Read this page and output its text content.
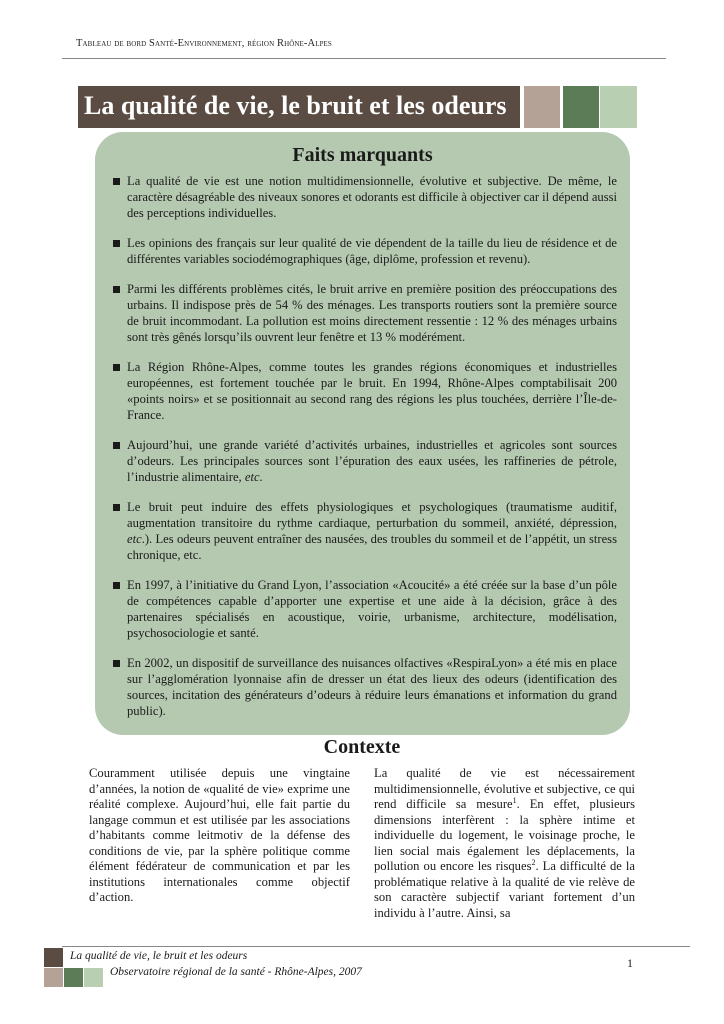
Tableau de bord Santé-Environnement, région Rhône-Alpes
La qualité de vie, le bruit et les odeurs
Faits marquants
La qualité de vie est une notion multidimensionnelle, évolutive et subjective. De même, le caractère désagréable des niveaux sonores et odorants est difficile à objectiver car il dépend aussi des perceptions individuelles.
Les opinions des français sur leur qualité de vie dépendent de la taille du lieu de résidence et de différentes variables sociodémographiques (âge, diplôme, profession et revenu).
Parmi les différents problèmes cités, le bruit arrive en première position des préoccupations des urbains. Il indispose près de 54 % des ménages. Les transports routiers sont la première source de bruit incommodant. La pollution est moins directement ressentie : 12 % des ménages urbains sont très gênés lorsqu’ils ouvrent leur fenêtre et 13 % modérément.
La Région Rhône-Alpes, comme toutes les grandes régions économiques et industrielles européennes, est fortement touchée par le bruit. En 1994, Rhône-Alpes comptabilisait 200 «points noirs» et se positionnait au second rang des régions les plus touchées, derrière l’Île-de-France.
Aujourd’hui, une grande variété d’activités urbaines, industrielles et agricoles sont sources d’odeurs. Les principales sources sont l’épuration des eaux usées, les raffineries de pétrole, l’industrie alimentaire, etc.
Le bruit peut induire des effets physiologiques et psychologiques (traumatisme auditif, augmentation transitoire du rythme cardiaque, perturbation du sommeil, anxiété, dépression, etc.). Les odeurs peuvent entraîner des nausées, des troubles du sommeil et de l’appétit, un stress chronique, etc.
En 1997, à l’initiative du Grand Lyon, l’association «Acoucité» a été créée sur la base d’un pôle de compétences capable d’apporter une expertise et une aide à la décision, grâce à des partenaires spécialisés en acoustique, voirie, urbanisme, architecture, modélisation, psychosociologie et santé.
En 2002, un dispositif de surveillance des nuisances olfactives «RespiraLyon» a été mis en place sur l’agglomération lyonnaise afin de dresser un état des lieux des odeurs (identification des sources, incitation des générateurs d’odeurs à réduire leurs émanations et information du grand public).
Contexte
Couramment utilisée depuis une vingtaine d’années, la notion de «qualité de vie» exprime une réalité complexe. Aujourd’hui, elle fait partie du langage commun et est utilisée par les associations d’habitants comme leitmotiv de la défense des conditions de vie, par la sphère politique comme élément fédérateur de communication et par les institutions internationales comme objectif d’action.
La qualité de vie est nécessairement multidimensionnelle, évolutive et subjective, ce qui rend difficile sa mesure$^1$. En effet, plusieurs dimensions interfèrent : la sphère intime et individuelle du logement, le voisinage proche, le lien social mais également les déplacements, la pollution ou encore les risques$^2$. La difficulté de la problématique relative à la qualité de vie relève de son caractère subjectif variant fortement d’un individu à l’autre. Ainsi, sa
La qualité de vie, le bruit et les odeurs
Observatoire régional de la santé - Rhône-Alpes, 2007
1
